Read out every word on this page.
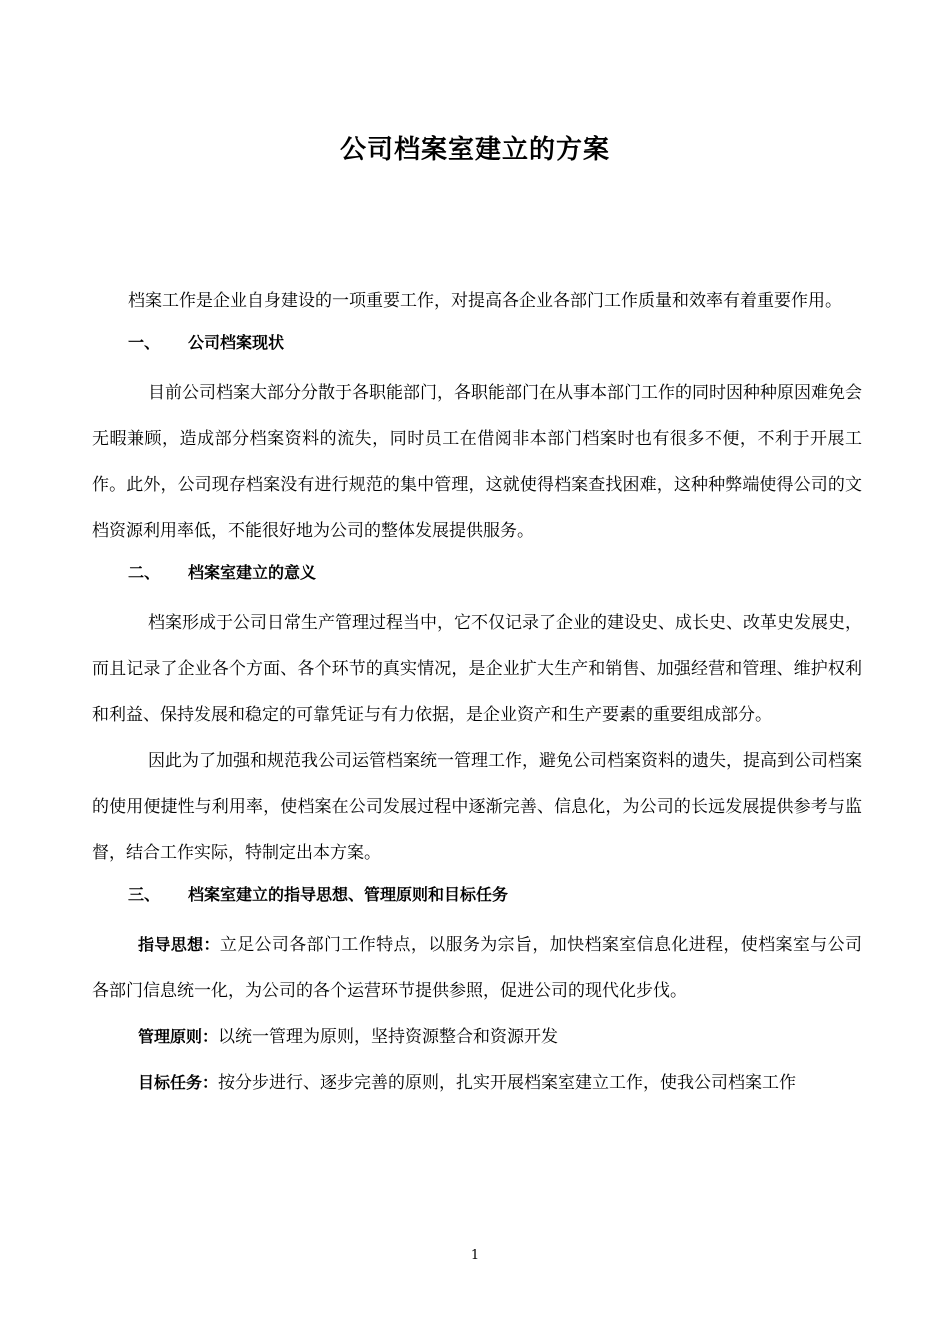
公司档案室建立的方案

档案工作是企业自身建设的一项重要工作，对提高各企业各部门工作质量和效率有着重要作用。

一、 公司档案现状

目前公司档案大部分分散于各职能部门，各职能部门在从事本部门工作的同时因种种原因难免会无暇兼顾，造成部分档案资料的流失，同时员工在借阅非本部门档案时也有很多不便，不利于开展工作。此外，公司现存档案没有进行规范的集中管理，这就使得档案查找困难，这种种弊端使得公司的文档资源利用率低，不能很好地为公司的整体发展提供服务。

二、 档案室建立的意义

档案形成于公司日常生产管理过程当中，它不仅记录了企业的建设史、成长史、改革史发展史，而且记录了企业各个方面、各个环节的真实情况，是企业扩大生产和销售、加强经营和管理、维护权利和利益、保持发展和稳定的可靠凭证与有力依据，是企业资产和生产要素的重要组成部分。

因此为了加强和规范我公司运管档案统一管理工作，避免公司档案资料的遗失，提高到公司档案的使用便捷性与利用率，使档案在公司发展过程中逐渐完善、信息化，为公司的长远发展提供参考与监督，结合工作实际，特制定出本方案。

三、 档案室建立的指导思想、管理原则和目标任务

指导思想：立足公司各部门工作特点，以服务为宗旨，加快档案室信息化进程，使档案室与公司各部门信息统一化，为公司的各个运营环节提供参照，促进公司的现代化步伐。

管理原则：以统一管理为原则，坚持资源整合和资源开发

目标任务：按分步进行、逐步完善的原则，扎实开展档案室建立工作，使我公司档案工作

1
